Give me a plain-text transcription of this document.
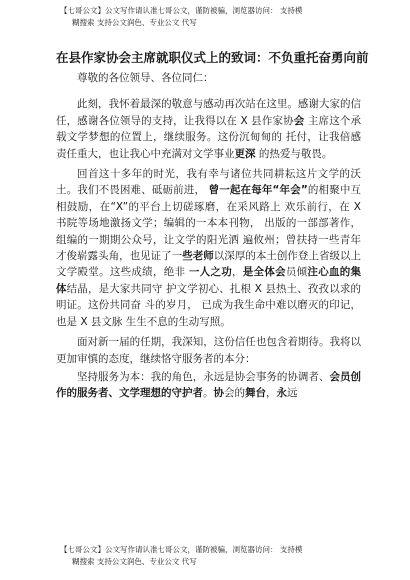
【七哥公文】公文写作请认准七哥公文，谨防被骗，浏览器访问： 支持模
糊搜索 支持公文润色、专业公文 代写
在县作家协会主席就职仪式上的致词：不负重托奋勇向前

尊敬的各位领导、各位同仁：

此刻，我怀着最深的敬意与感动再次站在这里。感谢大家的信任，感谢各位领导的支持，让我得以在 X 县作家协会 主席这个承载文学梦想的位置上，继续服务。这份沉甸甸的 托付，让我倍感责任重大，也让我心中充满对文学事业更深 的热爱与敬畏。

回首这十多年的时光，我有幸与诸位共同耕耘这片文学的沃土。我们不畏困难、砥砺前进， 曾一起在每年“年会”的相聚中互相鼓励，在“X”的平台上切磋琢磨，在采风路上 欢乐前行，在 X 书院等场地激扬文学；编辑的一本本刊物， 出版的一部部著作，组编的一期期公众号，让文学的阳光洒 遍攸州；曾扶持一些青年才俊崭露头角，也见证了一些老师以深厚的本土创作登上省级以上文学殿堂。这些成绩，绝非 一人之功，是全体会员倾注心血的集体结晶，是大家共同守 护文学初心、扎根 X 县热土、孜孜以求的明证。这份共同奋 斗的岁月， 已成为我生命中难以磨灭的印记，也是 X 县文脉 生生不息的生动写照。

面对新一届的任期，我深知，这份信任也包含着期待。我将以更加审慎的态度，继续恪守服务者的本分：

坚持服务为本：我的角色，永远是协会事务的协调者、会员创作的服务者、文学理想的守护者。协会的舞台，永远

【七哥公文】公文写作请认准七哥公文，谨防被骗，浏览器访问： 支持模
糊搜索 支持公文润色、专业公文 代写
